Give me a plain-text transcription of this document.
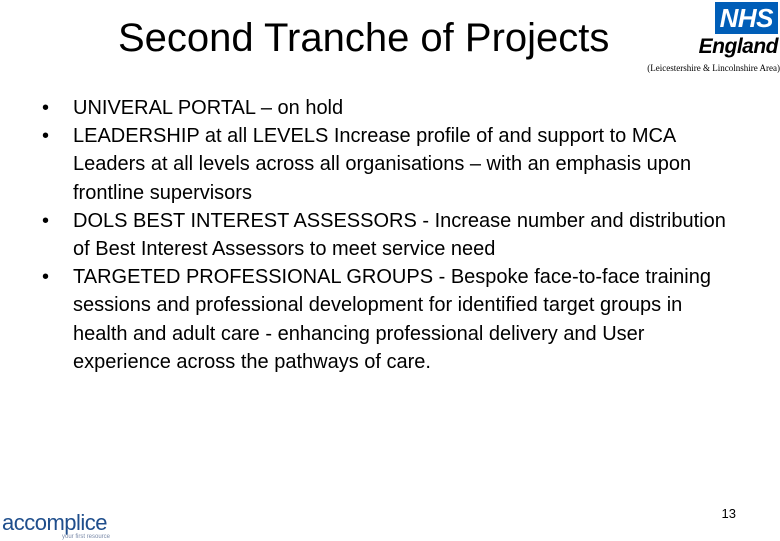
Second Tranche of Projects	NHS
England
(Leicestershire & Lincolnshire Area)
•	UNIVERAL PORTAL – on hold
•	LEADERSHIP at all LEVELS Increase profile of and support to MCA Leaders at all levels across all organisations – with an emphasis upon frontline supervisors
•	DOLS BEST INTEREST ASSESSORS - Increase number and distribution of Best Interest Assessors to meet service need
•	TARGETED PROFESSIONAL GROUPS - Bespoke face-to-face training sessions and professional development for identified target groups in health and adult care - enhancing professional delivery and User experience across the pathways of care.
accomplice
your first resource
13
